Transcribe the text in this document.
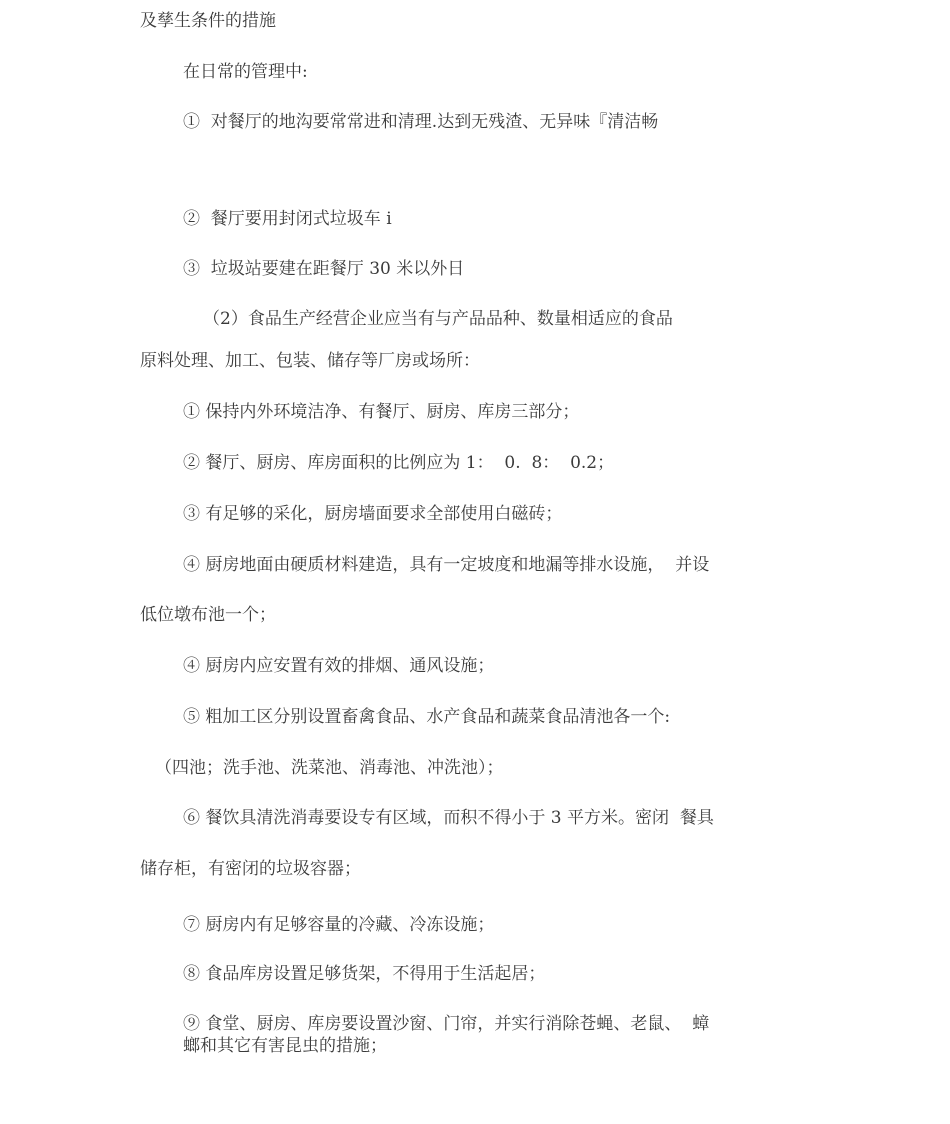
及孳生条件的措施

在日常的管理中:

①  对餐厅的地沟要常常进和清理.达到无残渣、无异味『清洁畅

②  餐厅要用封闭式垃圾车 i

③  垃圾站要建在距餐厅 30 米以外日

（2）食品生产经营企业应当有与产品品种、数量相适应的食品

原料处理、加工、包装、储存等厂房或场所：

① 保持内外环境洁净、有餐厅、厨房、库房三部分；

② 餐厅、厨房、库房面积的比例应为 1：  0.  8：  0.2；

③ 有足够的采化，厨房墙面要求全部使用白磁砖；

④ 厨房地面由硬质材料建造，具有一定坡度和地漏等排水设施，  并设

低位墩布池一个；

④ 厨房内应安置有效的排烟、通风设施；

⑤ 粗加工区分别设置畜禽食品、水产食品和蔬菜食品清池各一个:

（四池；洗手池、洗菜池、消毒池、冲洗池）；

⑥ 餐饮具清洗消毒要设专有区域，而积不得小于 3 平方米。密闭  餐具

储存柜，有密闭的垃圾容器；

⑦ 厨房内有足够容量的冷藏、冷冻设施；

⑧ 食品库房设置足够货架，不得用于生活起居；

⑨ 食堂、厨房、库房要设置沙窗、门帘，并实行消除苍蝇、老鼠、  蟑

螂和其它有害昆虫的措施；
